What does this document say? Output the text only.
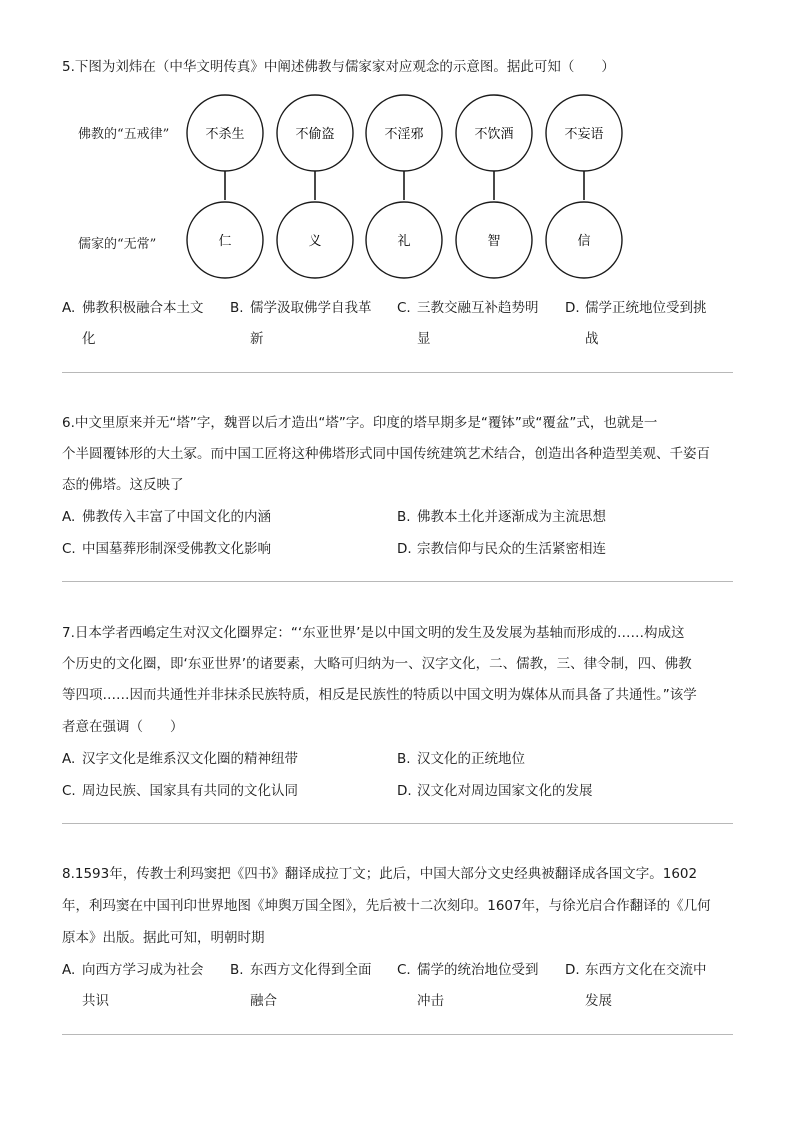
5.下图为刘炜在（中华文明传真》中阐述佛教与儒家家对应观念的示意图。据此可知（　　）
佛教的“五戒律”
儒家的“无常”
不杀生	不偷盗	不淫邪	不饮酒	不妄语
仁	义	礼	智	信
A. 佛教积极融合本土文
化
B. 儒学汲取佛学自我革
新
C. 三教交融互补趋势明
显
D. 儒学正统地位受到挑
战
6.中文里原来并无“塔”字，魏晋以后才造出“塔”字。印度的塔早期多是“覆钵”或“覆盆”式，也就是一
个半圆覆钵形的大土冢。而中国工匠将这种佛塔形式同中国传统建筑艺术结合，创造出各种造型美观、千姿百
态的佛塔。这反映了
A. 佛教传入丰富了中国文化的内涵	B. 佛教本土化并逐渐成为主流思想
C. 中国墓葬形制深受佛教文化影响	D. 宗教信仰与民众的生活紧密相连
7.日本学者西嶋定生对汉文化圈界定：“‘东亚世界’是以中国文明的发生及发展为基轴而形成的……构成这
个历史的文化圈，即‘东亚世界’的诸要素，大略可归纳为一、汉字文化，二、儒教，三、律令制，四、佛教
等四项……因而共通性并非抹杀民族特质，相反是民族性的特质以中国文明为媒体从而具备了共通性。”该学
者意在强调（　　）
A. 汉字文化是维系汉文化圈的精神纽带	B. 汉文化的正统地位
C. 周边民族、国家具有共同的文化认同	D. 汉文化对周边国家文化的发展
8.1593年，传教士利玛窦把《四书》翻译成拉丁文；此后，中国大部分文史经典被翻译成各国文字。1602
年，利玛窦在中国刊印世界地图《坤舆万国全图》，先后被十二次刻印。1607年，与徐光启合作翻译的《几何
原本》出版。据此可知，明朝时期
A. 向西方学习成为社会
共识
B. 东西方文化得到全面
融合
C. 儒学的统治地位受到
冲击
D. 东西方文化在交流中
发展
